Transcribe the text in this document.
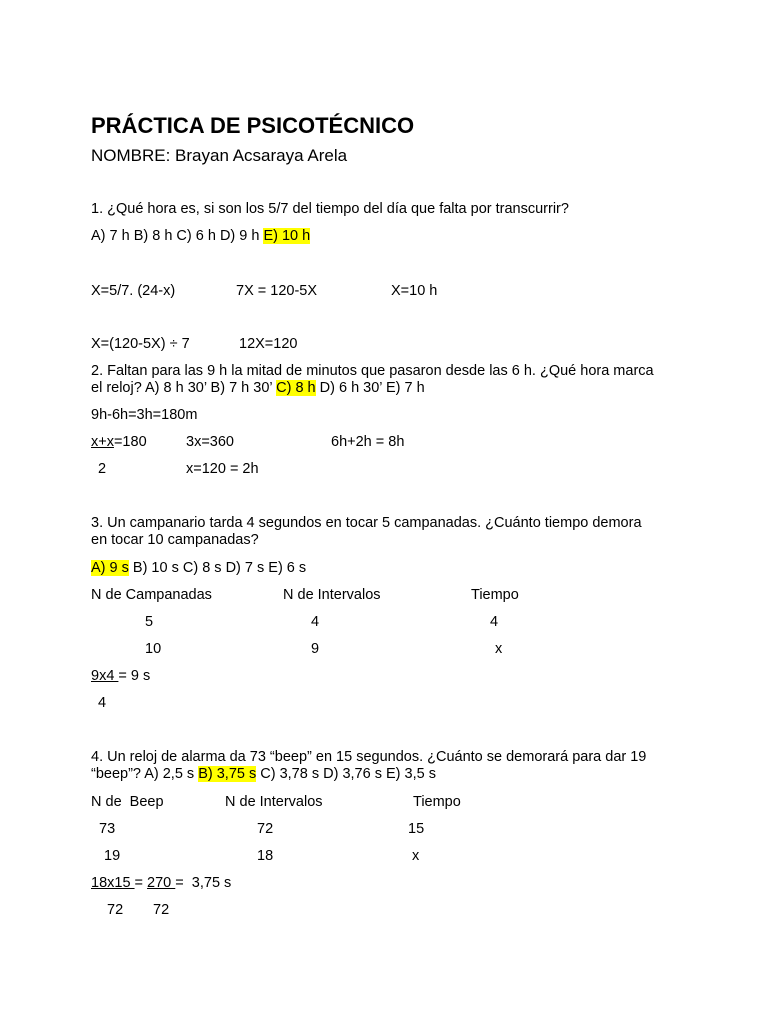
PRÁCTICA DE PSICOTÉCNICO
NOMBRE: Brayan Acsaraya Arela
1. ¿Qué hora es, si son los 5/7 del tiempo del día que falta por transcurrir?
A) 7 h B) 8 h C) 6 h D) 9 h E) 10 h
X=5/7. (24-x)	7X = 120-5X	X=10 h
X=(120-5X) ÷ 7	12X=120
2. Faltan para las 9 h la mitad de minutos que pasaron desde las 6 h. ¿Qué hora marca
el reloj? A) 8 h 30’ B) 7 h 30’ C) 8 h D) 6 h 30’ E) 7 h
9h-6h=3h=180m
x+x=180	3x=360	6h+2h = 8h
2	x=120 = 2h
3. Un campanario tarda 4 segundos en tocar 5 campanadas. ¿Cuánto tiempo demora
en tocar 10 campanadas?
A) 9 s B) 10 s C) 8 s D) 7 s E) 6 s
N de Campanadas	N de Intervalos	Tiempo
5	4	4
10	9	x
9x4 = 9 s
4
4. Un reloj de alarma da 73 “beep” en 15 segundos. ¿Cuánto se demorará para dar 19
“beep”? A) 2,5 s B) 3,75 s C) 3,78 s D) 3,76 s E) 3,5 s
N de  Beep	N de Intervalos	Tiempo
73	72	15
19	18	x
18x15 = 270 =  3,75 s
72 72
